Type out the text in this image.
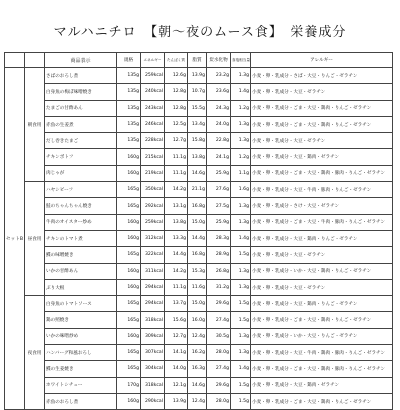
マルハニチロ　【朝～夜のムース食】　栄養成分
		商品表示	規格	エネルギー	たんぱく質	脂質	炭水化物	食塩相当量	アレルギー
セットB	朝食用	さばのおろし煮	135g	259kcal	12.6g	13.9g	23.2g	1.3g	小麦・卵・乳成分・さば・大豆・りんご・ゼラチン
		白身魚の梅ぽ味噌焼き	135g	240kcal	12.8g	10.7g	23.6g	1.4g	小麦・卵・乳成分・大豆・ゼラチン
		たまごの甘酢あん	135g	243kcal	12.8g	15.5g	24.3g	1.2g	小麦・卵・乳成分・ごま・大豆・鶏肉・りんご・ゼラチン
		赤魚の生姜煮	135g	246kcal	12.5g	13.4g	24.0g	1.3g	小麦・卵・乳成分・ごま・大豆・鶏肉・りんご・ゼラチン
		だし巻きたまご	135g	228kcal	12.7g	15.8g	22.8g	1.3g	小麦・卵・乳成分・大豆・ゼラチン
		チキンポトフ	160g	215kcal	11.1g	13.8g	24.1g	1.2g	小麦・卵・乳成分・大豆・鶏肉・ゼラチン
		肉じゃが	160g	219kcal	11.1g	14.6g	25.9g	1.1g	小麦・卵・乳成分・ごま・大豆・鶏肉・豚肉・りんご・ゼラチン
	昼食用	ハヤシビーフ	165g	350kcal	14.2g	21.1g	27.6g	1.6g	小麦・卵・乳成分・大豆・牛肉・豚肉・りんご・ゼラチン
		鮭のちゃんちゃん焼き	165g	292kcal	13.1g	16.8g	27.5g	1.3g	小麦・卵・乳成分・さけ・大豆・ゼラチン
		牛肉のオイスター炒め	160g	259kcal	13.8g	15.0g	25.9g	1.3g	小麦・卵・乳成分・ごま・大豆・牛肉・豚肉・りんご・ゼラチン
		チキンのトマト煮	160g	312kcal	13.3g	14.4g	28.3g	1.4g	小麦・卵・乳成分・大豆・鶏肉・りんご・ゼラチン
		鰈の味噌焼き	165g	322kcal	14.4g	16.8g	28.9g	1.5g	小麦・卵・乳成分・大豆・ゼラチン
		いかの甘酢あん	160g	311kcal	14.2g	15.3g	26.8g	1.3g	小麦・卵・乳成分・いか・大豆・鶏肉・りんご・ゼラチン
		ぶり大根	160g	294kcal	11.1g	11.6g	31.2g	1.3g	小麦・卵・乳成分・大豆・ゼラチン
	夜食用	白身魚のトマトソース	165g	294kcal	13.7g	15.0g	29.6g	1.5g	小麦・卵・乳成分・大豆・鶏肉・りんご・ゼラチン
		鶏の照焼き	165g	318kcal	15.6g	16.0g	27.4g	1.5g	小麦・卵・乳成分・ごま・大豆・鶏肉・りんご・ゼラチン
		いかの味噌炒め	160g	309kcal	12.7g	12.4g	30.5g	1.3g	小麦・卵・乳成分・いか・大豆・りんご・ゼラチン
		ハンバーグ和風おろし	165g	307kcal	14.1g	16.2g	28.0g	1.3g	小麦・卵・乳成分・大豆・牛肉・鶏肉・豚肉・りんご・ゼラチン
		鰈の生姜焼き	165g	304kcal	14.0g	16.3g	27.4g	1.4g	小麦・卵・乳成分・ごま・大豆・鶏肉・豚肉・りんご・ゼラチン
		ホワイトシチュー	170g	318kcal	12.1g	14.6g	29.6g	1.5g	小麦・卵・乳成分・大豆・鶏肉・ゼラチン
		赤魚のおろし煮	160g	290kcal	13.9g	12.4g	28.0g	1.5g	小麦・卵・乳成分・ごま・大豆・鶏肉・りんご・ゼラチン
